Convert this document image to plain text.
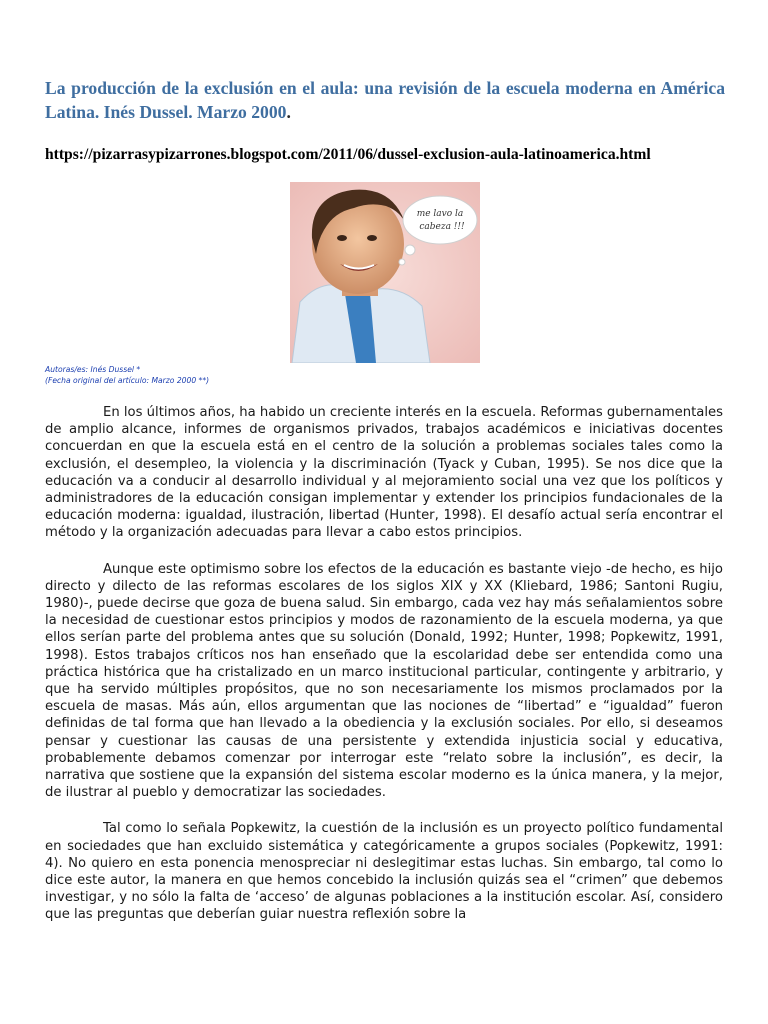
La producción de la exclusión en el aula: una revisión de la escuela moderna en América Latina. Inés Dussel. Marzo 2000.

https://pizarrasypizarrones.blogspot.com/2011/06/dussel-exclusion-aula-latinoamerica.html

me lavo la
cabeza !!!
Autoras/es: Inés Dussel *
(Fecha original del artículo: Marzo 2000 **)

En los últimos años, ha habido un creciente interés en la escuela. Reformas gubernamentales de amplio alcance, informes de organismos privados, trabajos académicos e iniciativas docentes concuerdan en que la escuela está en el centro de la solución a problemas sociales tales como la exclusión, el desempleo, la violencia y la discriminación (Tyack y Cuban, 1995). Se nos dice que la educación va a conducir al desarrollo individual y al mejoramiento social una vez que los políticos y administradores de la educación consigan implementar y extender los principios fundacionales de la educación moderna: igualdad, ilustración, libertad (Hunter, 1998). El desafío actual sería encontrar el método y la organización adecuadas para llevar a cabo estos principios.

Aunque este optimismo sobre los efectos de la educación es bastante viejo -de hecho, es hijo directo y dilecto de las reformas escolares de los siglos XIX y XX (Kliebard, 1986; Santoni Rugiu, 1980)-, puede decirse que goza de buena salud. Sin embargo, cada vez hay más señalamientos sobre la necesidad de cuestionar estos principios y modos de razonamiento de la escuela moderna, ya que ellos serían parte del problema antes que su solución (Donald, 1992; Hunter, 1998; Popkewitz, 1991, 1998). Estos trabajos críticos nos han enseñado que la escolaridad debe ser entendida como una práctica histórica que ha cristalizado en un marco institucional particular, contingente y arbitrario, y que ha servido múltiples propósitos, que no son necesariamente los mismos proclamados por la escuela de masas. Más aún, ellos argumentan que las nociones de “libertad” e “igualdad” fueron definidas de tal forma que han llevado a la obediencia y la exclusión sociales. Por ello, si deseamos pensar y cuestionar las causas de una persistente y extendida injusticia social y educativa, probablemente debamos comenzar por interrogar este “relato sobre la inclusión”, es decir, la narrativa que sostiene que la expansión del sistema escolar moderno es la única manera, y la mejor, de ilustrar al pueblo y democratizar las sociedades.

Tal como lo señala Popkewitz, la cuestión de la inclusión es un proyecto político fundamental en sociedades que han excluido sistemática y categóricamente a grupos sociales (Popkewitz, 1991: 4). No quiero en esta ponencia menospreciar ni deslegitimar estas luchas. Sin embargo, tal como lo dice este autor, la manera en que hemos concebido la inclusión quizás sea el “crimen” que debemos investigar, y no sólo la falta de ‘acceso’ de algunas poblaciones a la institución escolar. Así, considero que las preguntas que deberían guiar nuestra reflexión sobre la
